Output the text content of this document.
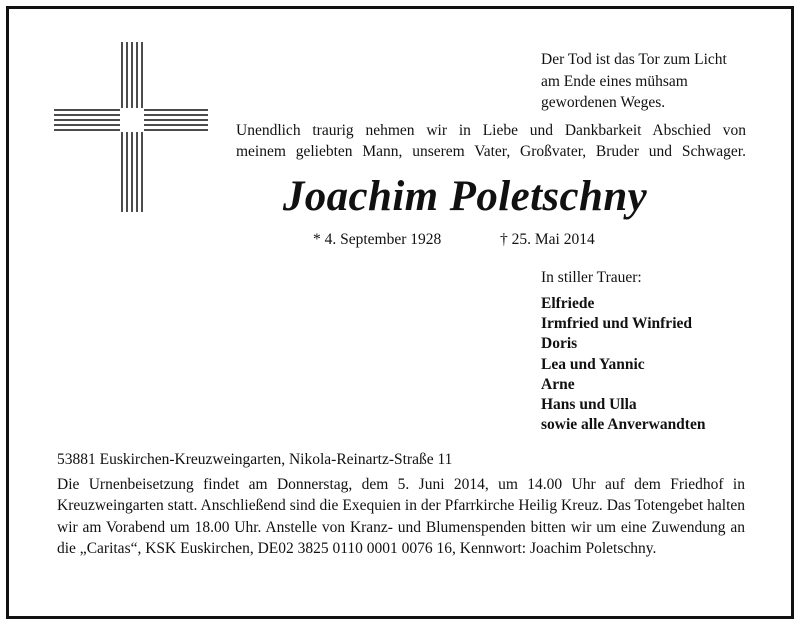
Der Tod ist das Tor zum Licht
am Ende eines mühsam
gewordenen Weges.
Unendlich traurig nehmen wir in Liebe und Dankbarkeit Abschied von
meinem geliebten Mann, unserem Vater, Großvater, Bruder und Schwager.
Joachim Poletschny
* 4. September 1928	† 25. Mai 2014
In stiller Trauer:
Elfriede
Irmfried und Winfried
Doris
Lea und Yannic
Arne
Hans und Ulla
sowie alle Anverwandten
53881 Euskirchen-Kreuzweingarten, Nikola-Reinartz-Straße 11

Die Urnenbeisetzung findet am Donnerstag, dem 5. Juni 2014, um 14.00 Uhr auf dem Friedhof in Kreuzweingarten statt. Anschließend sind die Exequien in der Pfarrkirche Heilig Kreuz. Das Totengebet halten wir am Vorabend um 18.00 Uhr. Anstelle von Kranz- und Blumenspenden bitten wir um eine Zuwendung an die „Caritas“, KSK Euskirchen, DE02 3825 0110 0001 0076 16, Kennwort: Joachim Poletschny.
